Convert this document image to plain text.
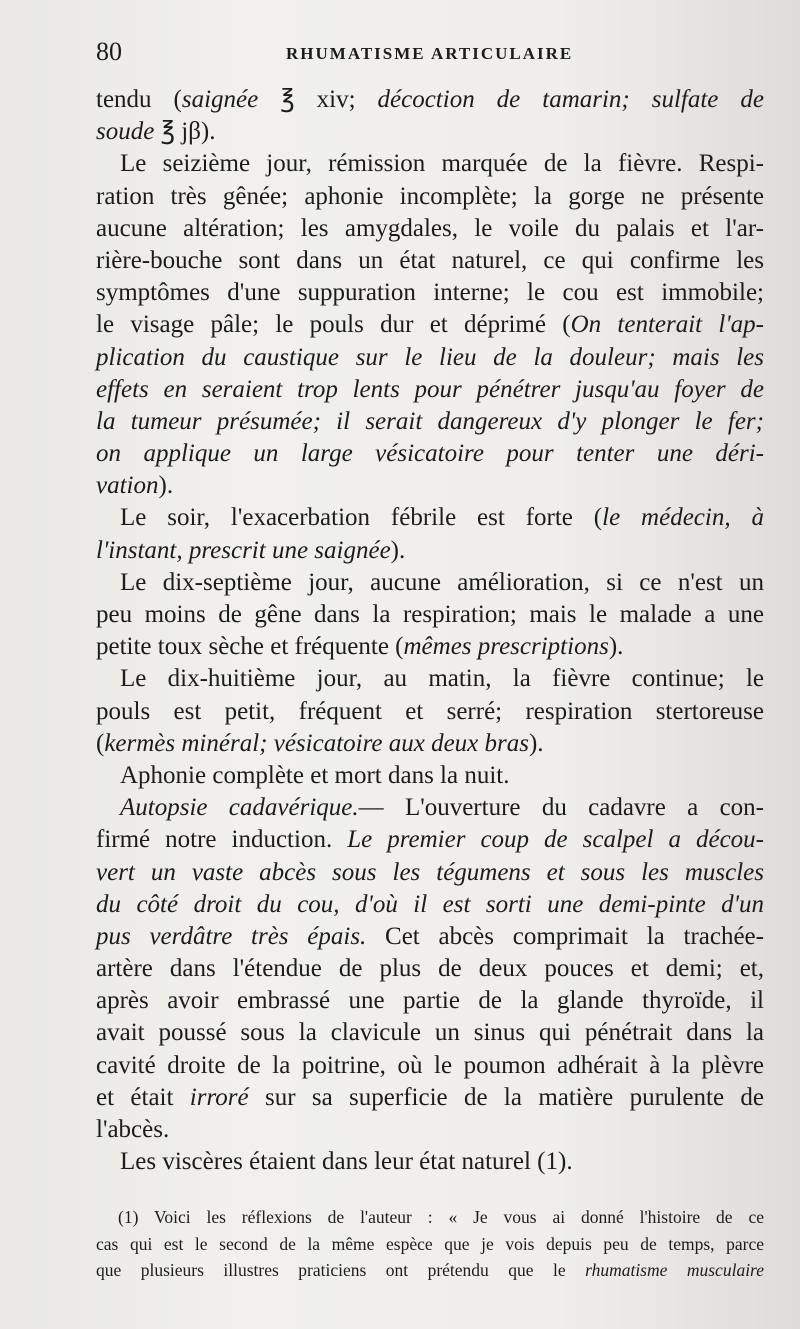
80	RHUMATISME ARTICULAIRE
tendu (saignée ℥ xiv; décoction de tamarin; sulfate de
soude ℥ jβ).
Le seizième jour, rémission marquée de la fièvre. Respi-
ration très gênée; aphonie incomplète; la gorge ne présente
aucune altération; les amygdales, le voile du palais et l'ar-
rière-bouche sont dans un état naturel, ce qui confirme les
symptômes d'une suppuration interne; le cou est immobile;
le visage pâle; le pouls dur et déprimé (On tenterait l'ap-
plication du caustique sur le lieu de la douleur; mais les
effets en seraient trop lents pour pénétrer jusqu'au foyer de
la tumeur présumée; il serait dangereux d'y plonger le fer;
on applique un large vésicatoire pour tenter une déri-
vation).
Le soir, l'exacerbation fébrile est forte (le médecin, à
l'instant, prescrit une saignée).
Le dix-septième jour, aucune amélioration, si ce n'est un
peu moins de gêne dans la respiration; mais le malade a une
petite toux sèche et fréquente (mêmes prescriptions).
Le dix-huitième jour, au matin, la fièvre continue; le
pouls est petit, fréquent et serré; respiration stertoreuse
(kermès minéral; vésicatoire aux deux bras).
Aphonie complète et mort dans la nuit.
Autopsie cadavérique.— L'ouverture du cadavre a con-
firmé notre induction. Le premier coup de scalpel a décou-
vert un vaste abcès sous les tégumens et sous les muscles
du côté droit du cou, d'où il est sorti une demi-pinte d'un
pus verdâtre très épais. Cet abcès comprimait la trachée-
artère dans l'étendue de plus de deux pouces et demi; et,
après avoir embrassé une partie de la glande thyroïde, il
avait poussé sous la clavicule un sinus qui pénétrait dans la
cavité droite de la poitrine, où le poumon adhérait à la plèvre
et était irroré sur sa superficie de la matière purulente de
l'abcès.
Les viscères étaient dans leur état naturel (1).
(1) Voici les réflexions de l'auteur : « Je vous ai donné l'histoire de ce
cas qui est le second de la même espèce que je vois depuis peu de temps, parce
que plusieurs illustres praticiens ont prétendu que le rhumatisme musculaire
